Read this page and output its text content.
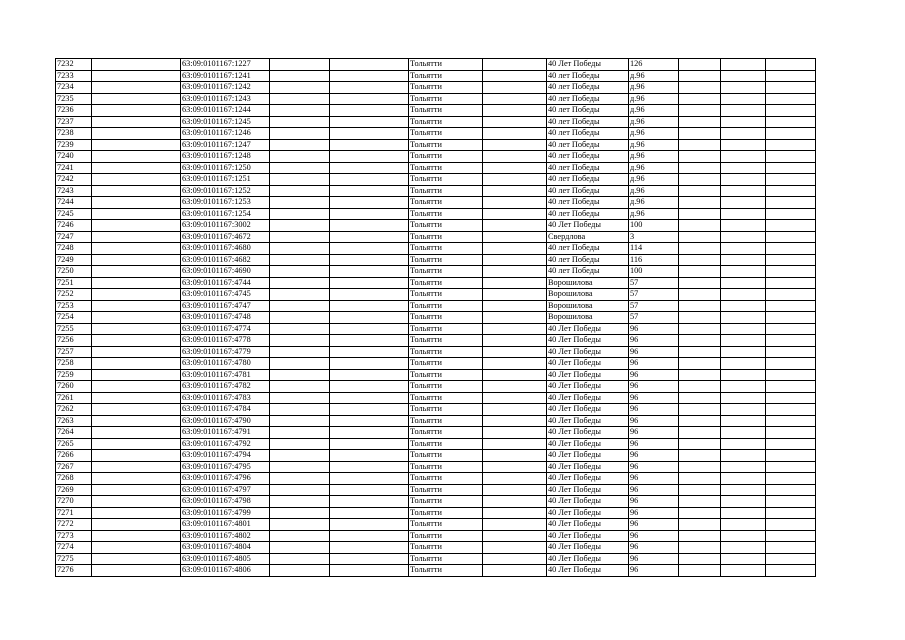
7232		63:09:0101167:1227			Тольятти		40 Лет Победы	126			
7233		63:09:0101167:1241			Тольятти		40 лет Победы	д.96			
7234		63:09:0101167:1242			Тольятти		40 лет Победы	д.96			
7235		63:09:0101167:1243			Тольятти		40 лет Победы	д.96			
7236		63:09:0101167:1244			Тольятти		40 лет Победы	д.96			
7237		63:09:0101167:1245			Тольятти		40 лет Победы	д.96			
7238		63:09:0101167:1246			Тольятти		40 лет Победы	д.96			
7239		63:09:0101167:1247			Тольятти		40 лет Победы	д.96			
7240		63:09:0101167:1248			Тольятти		40 лет Победы	д.96			
7241		63:09:0101167:1250			Тольятти		40 лет Победы	д.96			
7242		63:09:0101167:1251			Тольятти		40 лет Победы	д.96			
7243		63:09:0101167:1252			Тольятти		40 лет Победы	д.96			
7244		63:09:0101167:1253			Тольятти		40 лет Победы	д.96			
7245		63:09:0101167:1254			Тольятти		40 лет Победы	д.96			
7246		63:09:0101167:3002			Тольятти		40 Лет Победы	100			
7247		63:09:0101167:4672			Тольятти		Свердлова	3			
7248		63:09:0101167:4680			Тольятти		40 лет Победы	114			
7249		63:09:0101167:4682			Тольятти		40 лет Победы	116			
7250		63:09:0101167:4690			Тольятти		40 лет Победы	100			
7251		63:09:0101167:4744			Тольятти		Ворошилова	57			
7252		63:09:0101167:4745			Тольятти		Ворошилова	57			
7253		63:09:0101167:4747			Тольятти		Ворошилова	57			
7254		63:09:0101167:4748			Тольятти		Ворошилова	57			
7255		63:09:0101167:4774			Тольятти		40 Лет Победы	96			
7256		63:09:0101167:4778			Тольятти		40 Лет Победы	96			
7257		63:09:0101167:4779			Тольятти		40 Лет Победы	96			
7258		63:09:0101167:4780			Тольятти		40 Лет Победы	96			
7259		63:09:0101167:4781			Тольятти		40 Лет Победы	96			
7260		63:09:0101167:4782			Тольятти		40 Лет Победы	96			
7261		63:09:0101167:4783			Тольятти		40 Лет Победы	96			
7262		63:09:0101167:4784			Тольятти		40 Лет Победы	96			
7263		63:09:0101167:4790			Тольятти		40 Лет Победы	96			
7264		63:09:0101167:4791			Тольятти		40 Лет Победы	96			
7265		63:09:0101167:4792			Тольятти		40 Лет Победы	96			
7266		63:09:0101167:4794			Тольятти		40 Лет Победы	96			
7267		63:09:0101167:4795			Тольятти		40 Лет Победы	96			
7268		63:09:0101167:4796			Тольятти		40 Лет Победы	96			
7269		63:09:0101167:4797			Тольятти		40 Лет Победы	96			
7270		63:09:0101167:4798			Тольятти		40 Лет Победы	96			
7271		63:09:0101167:4799			Тольятти		40 Лет Победы	96			
7272		63:09:0101167:4801			Тольятти		40 Лет Победы	96			
7273		63:09:0101167:4802			Тольятти		40 Лет Победы	96			
7274		63:09:0101167:4804			Тольятти		40 Лет Победы	96			
7275		63:09:0101167:4805			Тольятти		40 Лет Победы	96			
7276		63:09:0101167:4806			Тольятти		40 Лет Победы	96			
